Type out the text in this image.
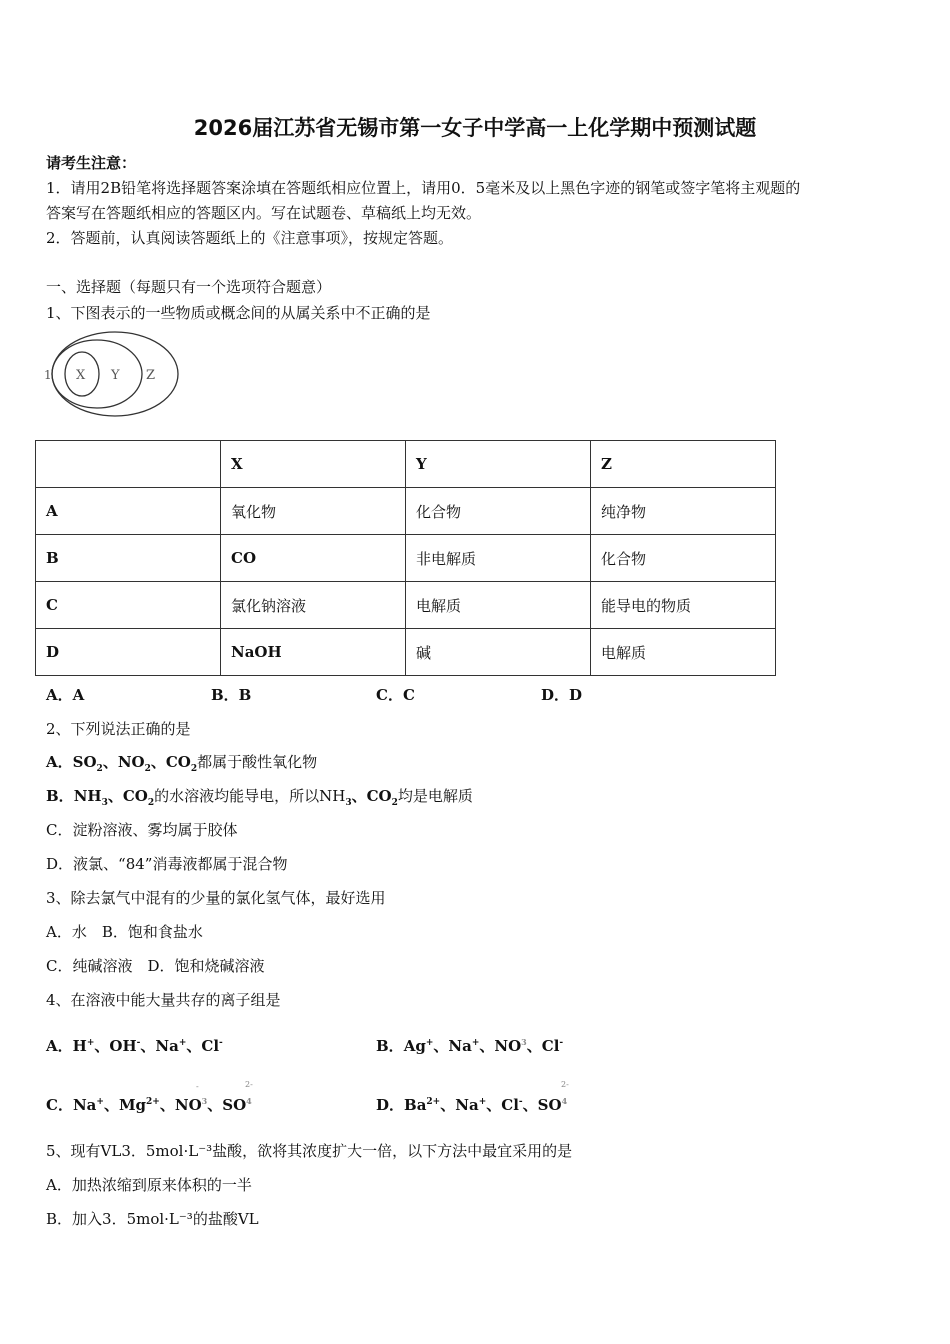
2026届江苏省无锡市第一女子中学高一上化学期中预测试题
请考生注意：
1．请用2B铅笔将选择题答案涂填在答题纸相应位置上，请用0．5毫米及以上黑色字迹的钢笔或签字笔将主观题的
答案写在答题纸相应的答题区内。写在试题卷、草稿纸上均无效。
2．答题前，认真阅读答题纸上的《注意事项》，按规定答题。
一、选择题（每题只有一个选项符合题意）
1、下图表示的一些物质或概念间的从属关系中不正确的是
1 X Y Z
	X	Y	Z
A	氧化物	化合物	纯净物
B	CO	非电解质	化合物
C	氯化钠溶液	电解质	能导电的物质
D	NaOH	碱	电解质
A．A	B．B	C．C	D．D
2、下列说法正确的是
A．$SO_2$、$NO_2$、$CO_2$都属于酸性氧化物
B．$NH_3$、$CO_2$的水溶液均能导电，所以$NH_3$、$CO_2$均是电解质
C．淀粉溶液、雾均属于胶体
D．液氯、“84”消毒液都属于混合物
3、除去氯气中混有的少量的氯化氢气体，最好选用
A．水　B．饱和食盐水
C．纯碱溶液　D．饱和烧碱溶液
4、在溶液中能大量共存的离子组是
A．H+、OH-、Na+、Cl-	B．Ag+、Na+、$NO^3$、Cl-
C．Na+、$Mg^{2+}$、$NO^3$、$SO^4$
-	2-
D．$Ba^{2+}$、Na+、Cl-、$SO^4$
2-
5、现有VL3．5mol·L⁻³盐酸，欲将其浓度扩大一倍，以下方法中最宜采用的是
A．加热浓缩到原来体积的一半
B．加入3．5mol·L⁻³的盐酸VL
